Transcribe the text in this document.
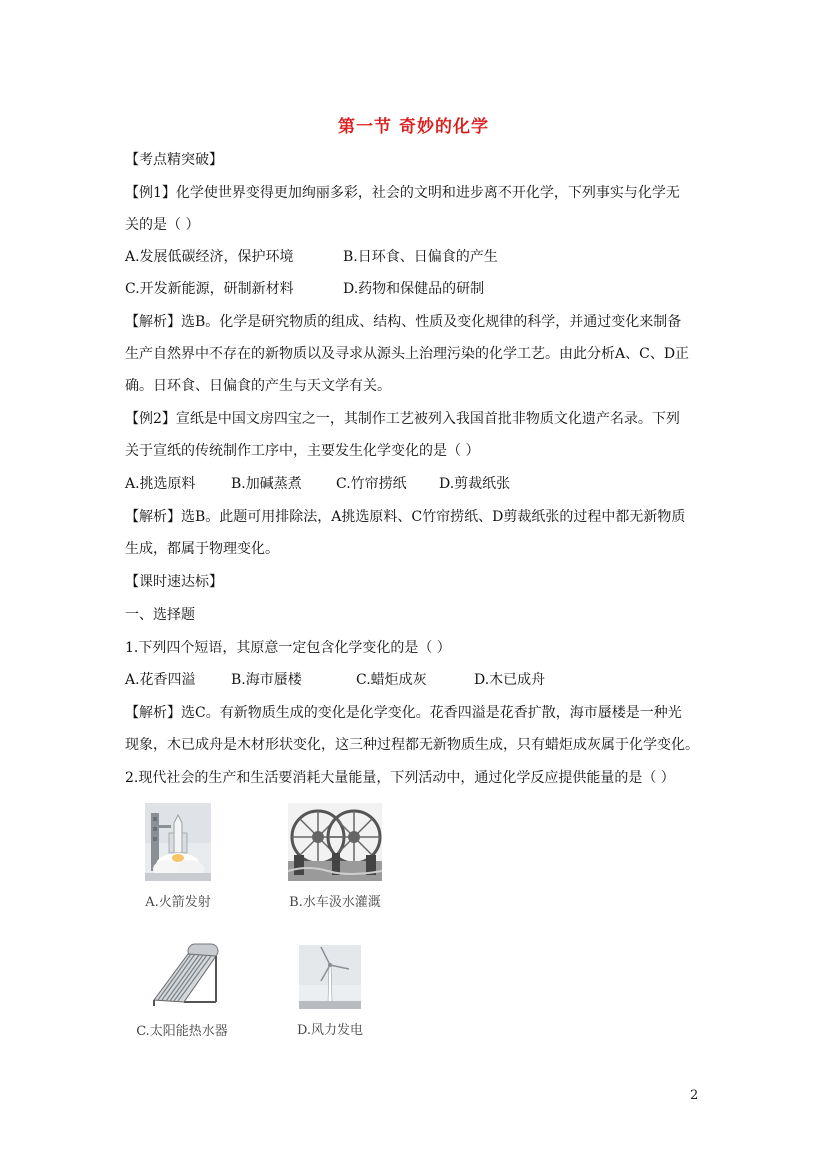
第一节 奇妙的化学
【考点精突破】
【例1】化学使世界变得更加绚丽多彩，社会的文明和进步离不开化学，下列事实与化学无
关的是（ ）
A.发展低碳经济，保护环境	B.日环食、日偏食的产生
C.开发新能源，研制新材料	D.药物和保健品的研制
【解析】选B。化学是研究物质的组成、结构、性质及变化规律的科学，并通过变化来制备
生产自然界中不存在的新物质以及寻求从源头上治理污染的化学工艺。由此分析A、C、D正
确。日环食、日偏食的产生与天文学有关。
【例2】宣纸是中国文房四宝之一，其制作工艺被列入我国首批非物质文化遗产名录。下列
关于宣纸的传统制作工序中，主要发生化学变化的是（ ）
A.挑选原料	B.加碱蒸煮 C.竹帘捞纸 D.剪裁纸张
【解析】选B。此题可用排除法，A挑选原料、C竹帘捞纸、D剪裁纸张的过程中都无新物质
生成，都属于物理变化。
【课时速达标】
一、选择题
1.下列四个短语，其原意一定包含化学变化的是（ ）
A.花香四溢	B.海市蜃楼	C.蜡炬成灰	D.木已成舟
【解析】选C。有新物质生成的变化是化学变化。花香四溢是花香扩散，海市蜃楼是一种光
现象，木已成舟是木材形状变化，这三种过程都无新物质生成，只有蜡炬成灰属于化学变化。
2.现代社会的生产和生活要消耗大量能量，下列活动中，通过化学反应提供能量的是（ ）
A.火箭发射	B.水车汲水灌溉
C.太阳能热水器	D.风力发电
2
